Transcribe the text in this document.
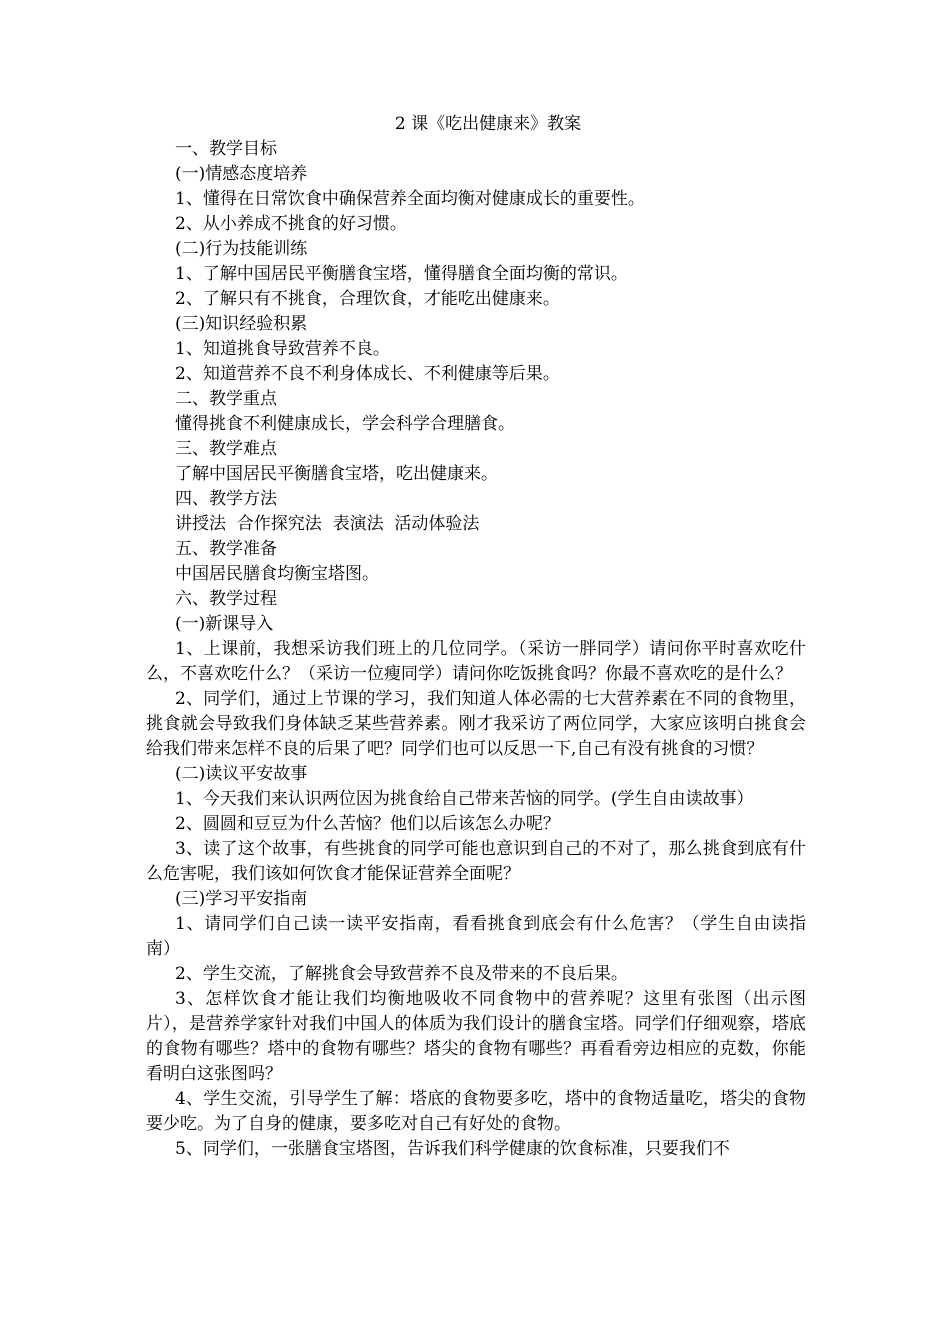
2 课《吃出健康来》教案

一、教学目标

(一)情感态度培养

1、懂得在日常饮食中确保营养全面均衡对健康成长的重要性。

2、从小养成不挑食的好习惯。

(二)行为技能训练

1、了解中国居民平衡膳食宝塔，懂得膳食全面均衡的常识。

2、了解只有不挑食，合理饮食，才能吃出健康来。

(三)知识经验积累

1、知道挑食导致营养不良。

2、知道营养不良不利身体成长、不利健康等后果。

二、教学重点

懂得挑食不利健康成长，学会科学合理膳食。

三、教学难点

了解中国居民平衡膳食宝塔，吃出健康来。

四、教学方法

讲授法  合作探究法  表演法  活动体验法

五、教学准备

中国居民膳食均衡宝塔图。

六、教学过程

(一)新课导入

1、上课前，我想采访我们班上的几位同学。（采访一胖同学）请问你平时喜欢吃什么，不喜欢吃什么？（采访一位瘦同学）请问你吃饭挑食吗？你最不喜欢吃的是什么？

2、同学们，通过上节课的学习，我们知道人体必需的七大营养素在不同的食物里，挑食就会导致我们身体缺乏某些营养素。刚才我采访了两位同学，大家应该明白挑食会给我们带来怎样不良的后果了吧？同学们也可以反思一下,自己有没有挑食的习惯？

(二)读议平安故事

1、今天我们来认识两位因为挑食给自己带来苦恼的同学。(学生自由读故事）

2、圆圆和豆豆为什么苦恼？他们以后该怎么办呢？

3、读了这个故事，有些挑食的同学可能也意识到自己的不对了，那么挑食到底有什么危害呢，我们该如何饮食才能保证营养全面呢？

(三)学习平安指南

1、请同学们自己读一读平安指南，看看挑食到底会有什么危害？（学生自由读指南）

2、学生交流，了解挑食会导致营养不良及带来的不良后果。

3、怎样饮食才能让我们均衡地吸收不同食物中的营养呢？这里有张图（出示图片），是营养学家针对我们中国人的体质为我们设计的膳食宝塔。同学们仔细观察，塔底的食物有哪些？塔中的食物有哪些？塔尖的食物有哪些？再看看旁边相应的克数，你能看明白这张图吗？

4、学生交流，引导学生了解：塔底的食物要多吃，塔中的食物适量吃，塔尖的食物要少吃。为了自身的健康，要多吃对自己有好处的食物。

5、同学们，一张膳食宝塔图，告诉我们科学健康的饮食标准，只要我们不
